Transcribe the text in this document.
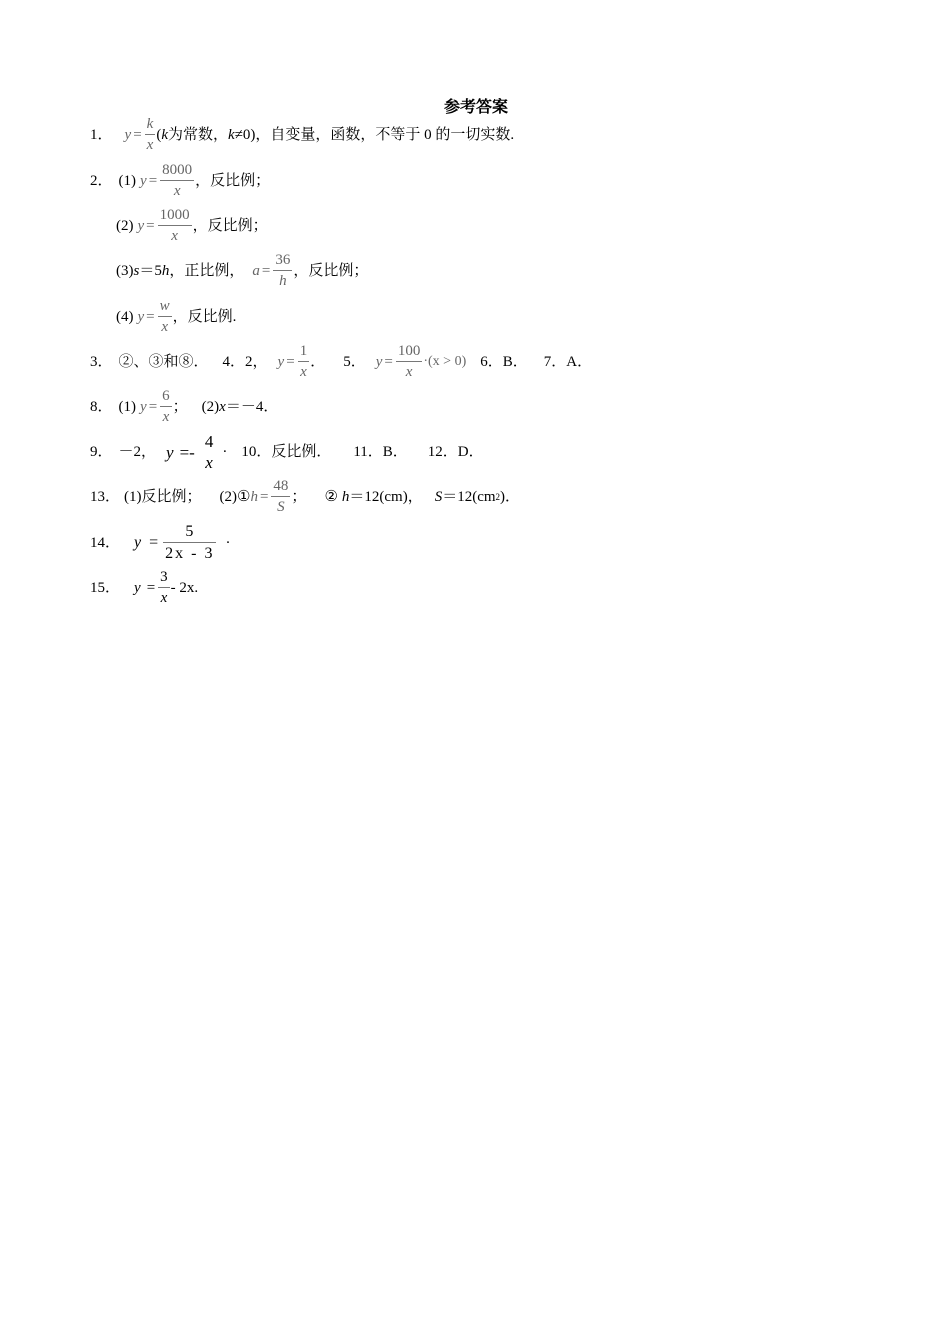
参考答案
1． $y = \frac{k}{x}$ ( k 为常数， k ≠0)，自变量，函数，不等于 0 的一切实数.
2． (1) $y = \frac{8000}{x}$ ，反比例；
(2) $y = \frac{1000}{x}$ ，反比例；
(3) s ＝5 h ，正比例， $a = \frac{36}{h}$ ，反比例；
(4) $y = \frac{w}{x}$ ，反比例.
3． ②、③和⑧． 4．2， $y = \frac{1}{x}$ ． 5． $y = \frac{100}{x} \cdot(x > 0)$ 6．B． 7．A．
8． (1) $y = \frac{6}{x}$ ； (2) x ＝－4．
9． －2， y =-
4
x
· 10．反比例． 11．B． 12．D．
13． (1)反比例； (2)① $h = \frac{48}{S}$ ； ② h ＝12(cm)， S ＝12(cm 2 )．
14． $y = \frac{5}{2x - 3}$ ·
15． $y = \frac{3}{x} - 2x$.
